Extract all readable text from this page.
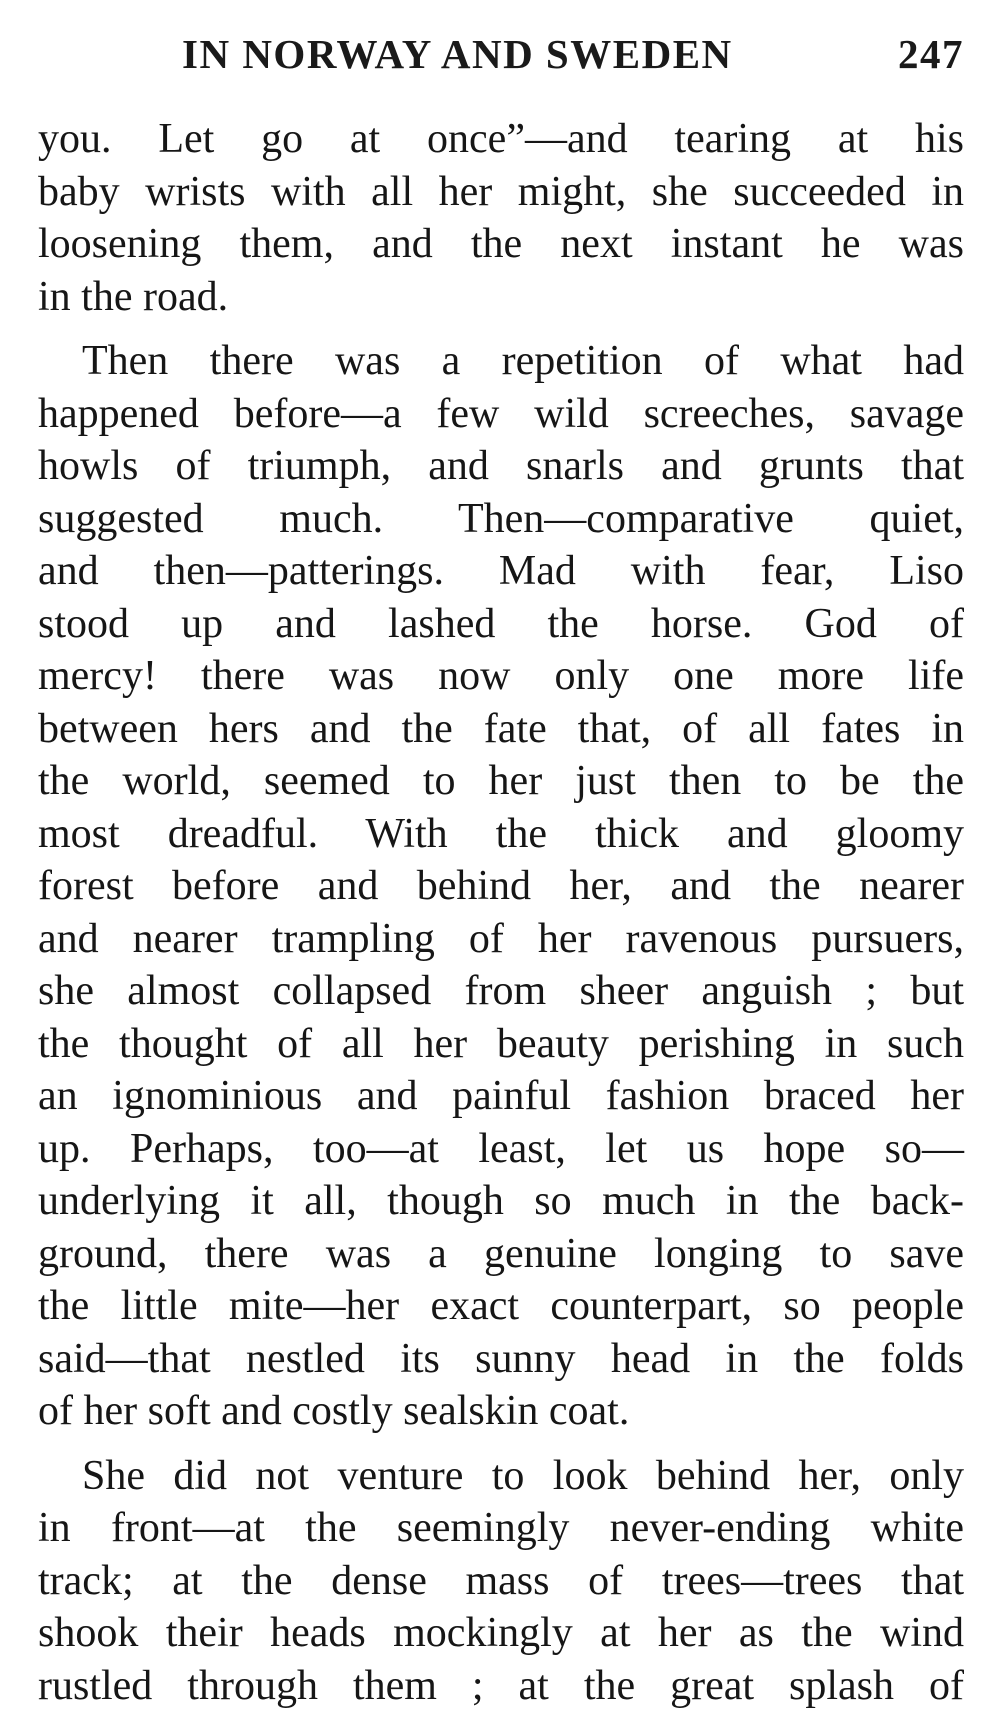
IN NORWAY AND SWEDEN	247
you. Let go at once”—and tearing at his
baby wrists with all her might, she succeeded in
loosening them, and the next instant he was
in the road.
Then there was a repetition of what had
happened before—a few wild screeches, savage
howls of triumph, and snarls and grunts that
suggested much. Then—comparative quiet,
and then—patterings. Mad with fear, Liso
stood up and lashed the horse. God of
mercy! there was now only one more life
between hers and the fate that, of all fates in
the world, seemed to her just then to be the
most dreadful. With the thick and gloomy
forest before and behind her, and the nearer
and nearer trampling of her ravenous pursuers,
she almost collapsed from sheer anguish ; but
the thought of all her beauty perishing in such
an ignominious and painful fashion braced her
up. Perhaps, too—at least, let us hope so—
underlying it all, though so much in the back-
ground, there was a genuine longing to save
the little mite—her exact counterpart, so people
said—that nestled its sunny head in the folds
of her soft and costly sealskin coat.
She did not venture to look behind her, only
in front—at the seemingly never-ending white
track; at the dense mass of trees—trees that
shook their heads mockingly at her as the wind
rustled through them ; at the great splash of
